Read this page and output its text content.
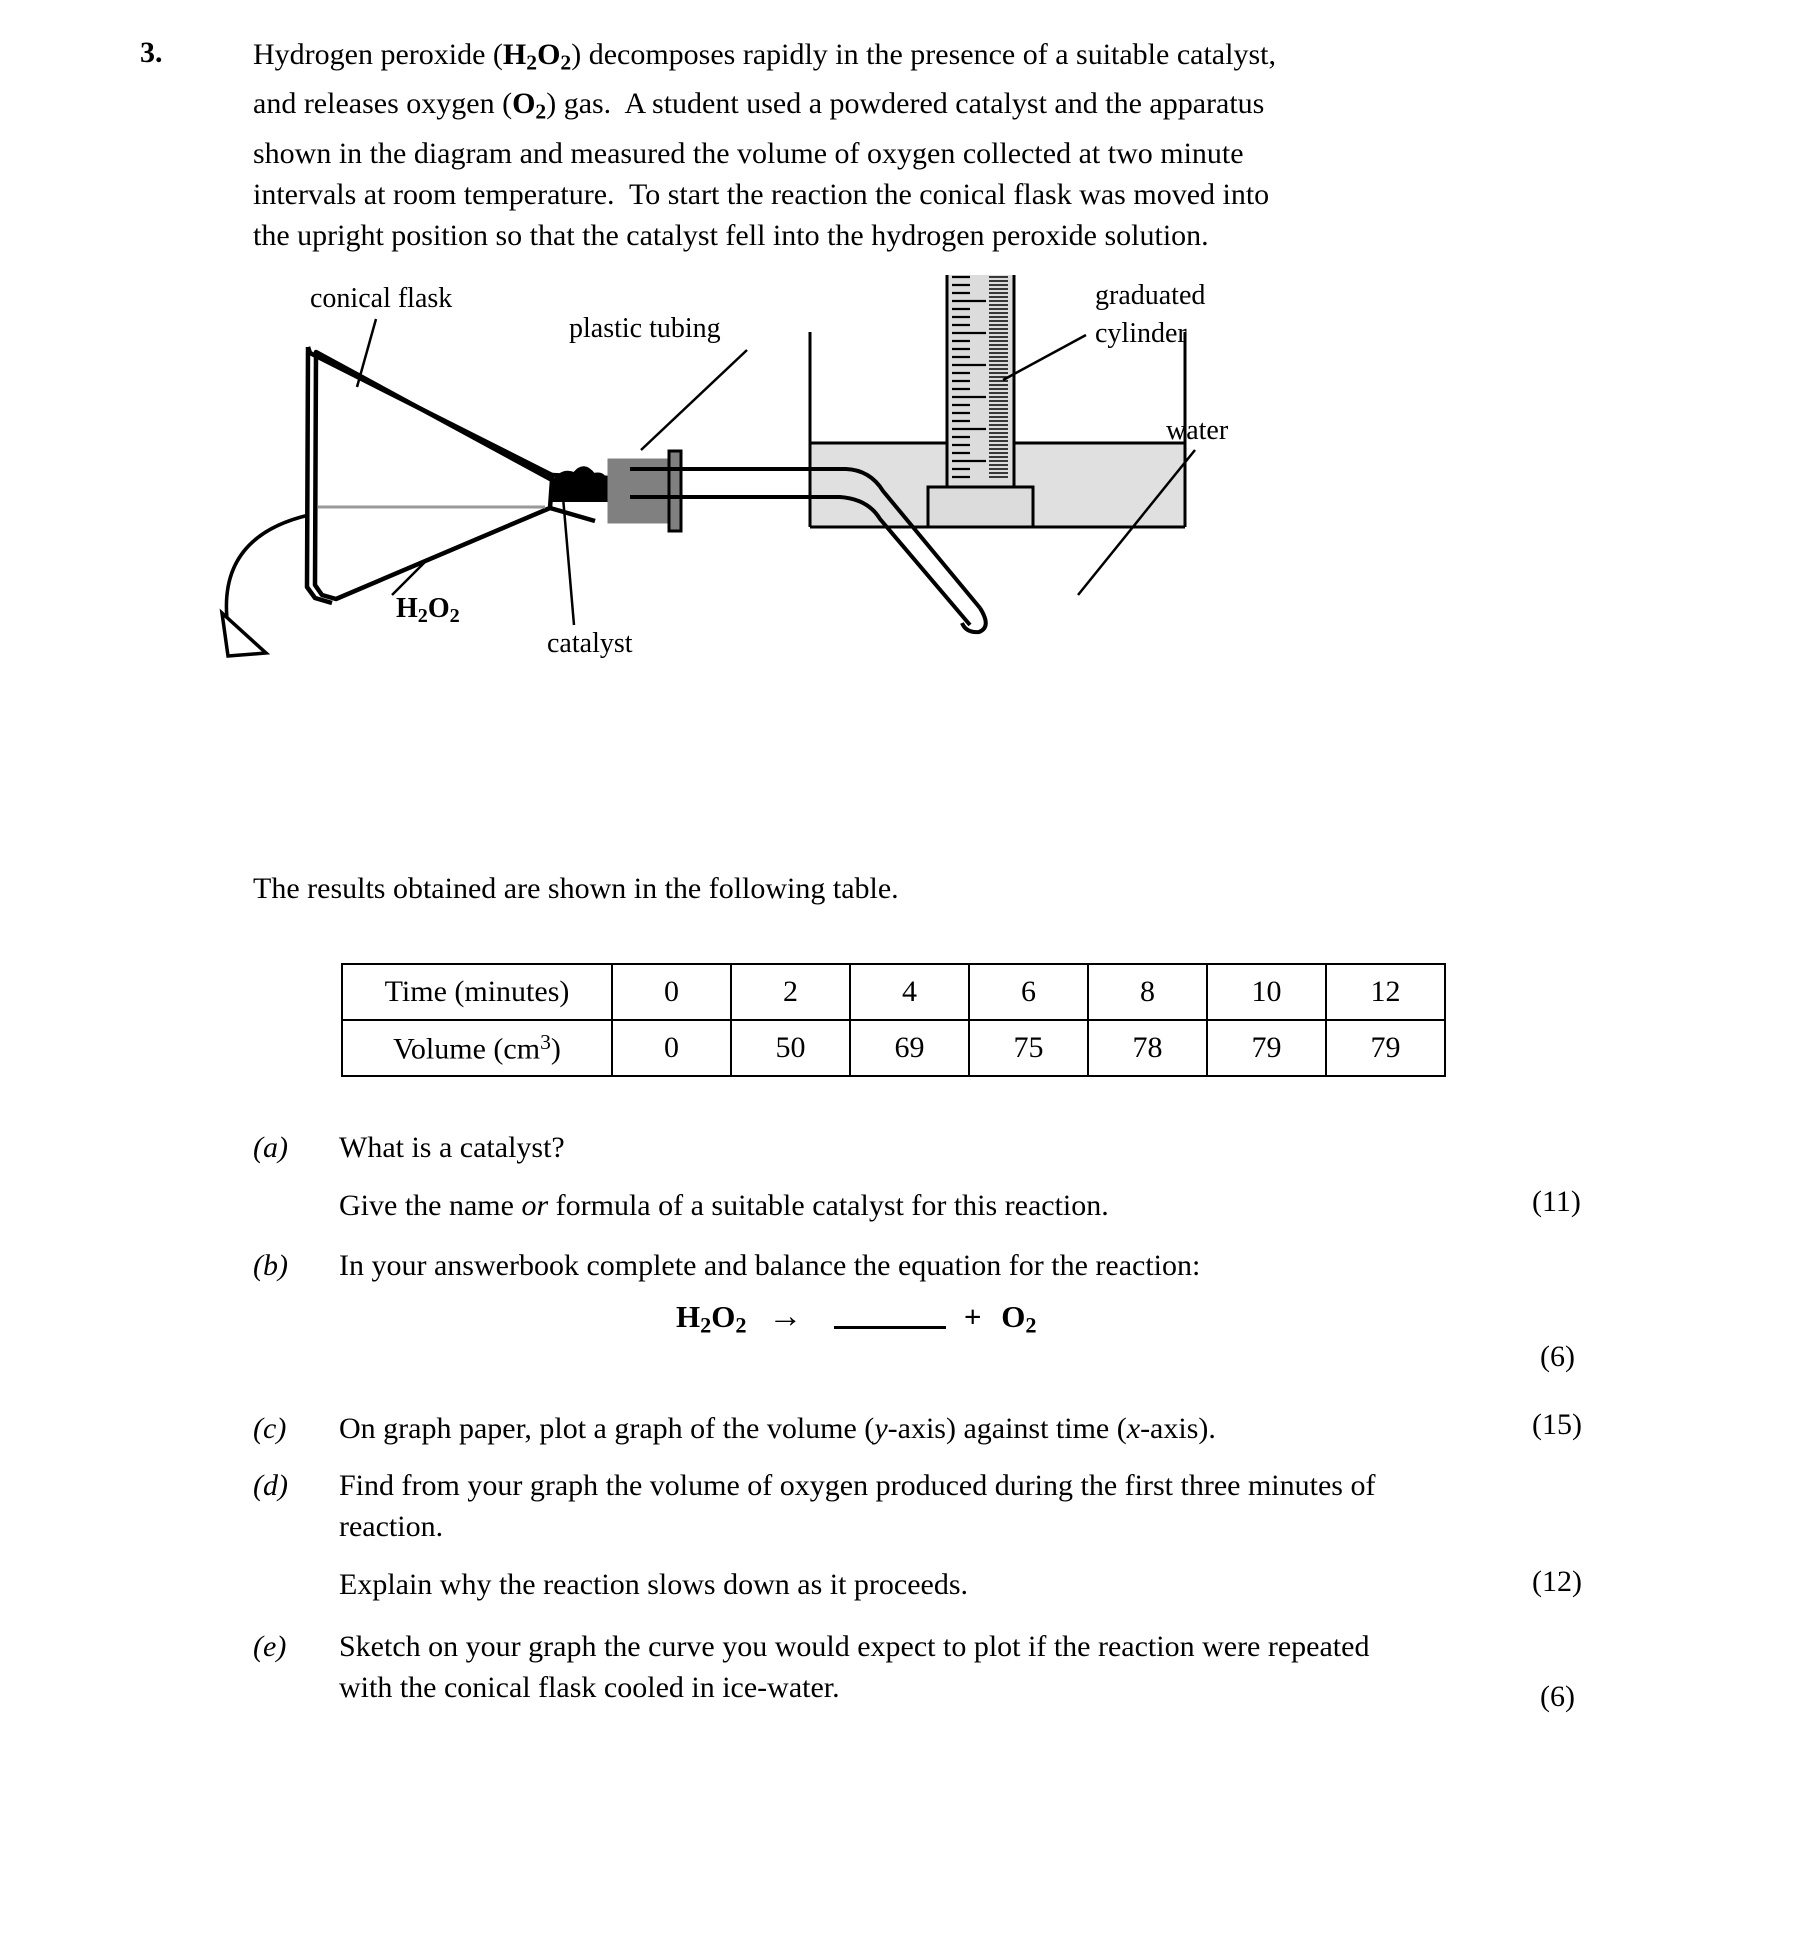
3.	Hydrogen peroxide $(H_2O_2)$ decomposes rapidly in the presence of a suitable catalyst, and releases oxygen $(O_2)$ gas.  A student used a powdered catalyst and the apparatus shown in the diagram and measured the volume of oxygen collected at two minute intervals at room temperature.  To start the reaction the conical flask was moved into the upright position so that the catalyst fell into the hydrogen peroxide solution.
conical flask
plastic tubing
graduated
cylinder
water
$H_2O_2$
catalyst
The results obtained are shown in the following table.
Time (minutes)	0	2	4	6	8	10	12
Volume $(cm^3)$	0	50	69	75	78	79	79
(a)	What is a catalyst?
Give the name or formula of a suitable catalyst for this reaction.	(11)
(b)	In your answerbook complete and balance the equation for the reaction:
$H_2O_2$ →	+ $O_2$
(6)
(c)	On graph paper, plot a graph of the volume (y-axis) against time (x-axis).	(15)
(d)	Find from your graph the volume of oxygen produced during the first three minutes of reaction.
Explain why the reaction slows down as it proceeds.	(12)
(e)	Sketch on your graph the curve you would expect to plot if the reaction were repeated with the conical flask cooled in ice-water.	(6)
